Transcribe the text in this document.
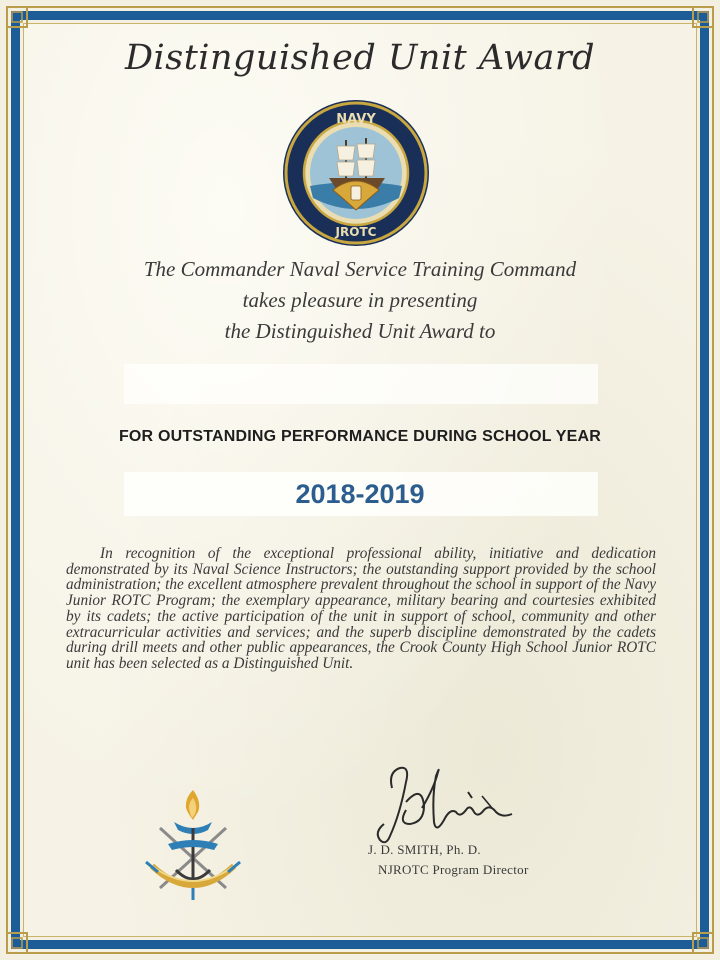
Distinguished Unit Award
NAVY
JROTC
The Commander Naval Service Training Command
takes pleasure in presenting
the Distinguished Unit Award to
FOR OUTSTANDING PERFORMANCE DURING SCHOOL YEAR
2018-2019
In recognition of the exceptional professional ability, initiative and dedication demonstrated by its Naval Science Instructors; the outstanding support provided by the school administration; the excellent atmosphere prevalent throughout the school in support of the Navy Junior ROTC Program; the exemplary appearance, military bearing and courtesies exhibited by its cadets; the active participation of the unit in support of school, community and other extracurricular activities and services; and the superb discipline demonstrated by the cadets during drill meets and other public appearances, the Crook County High School Junior ROTC unit has been selected as a Distinguished Unit.
J. D. SMITH, Ph. D.
NJROTC Program Director
